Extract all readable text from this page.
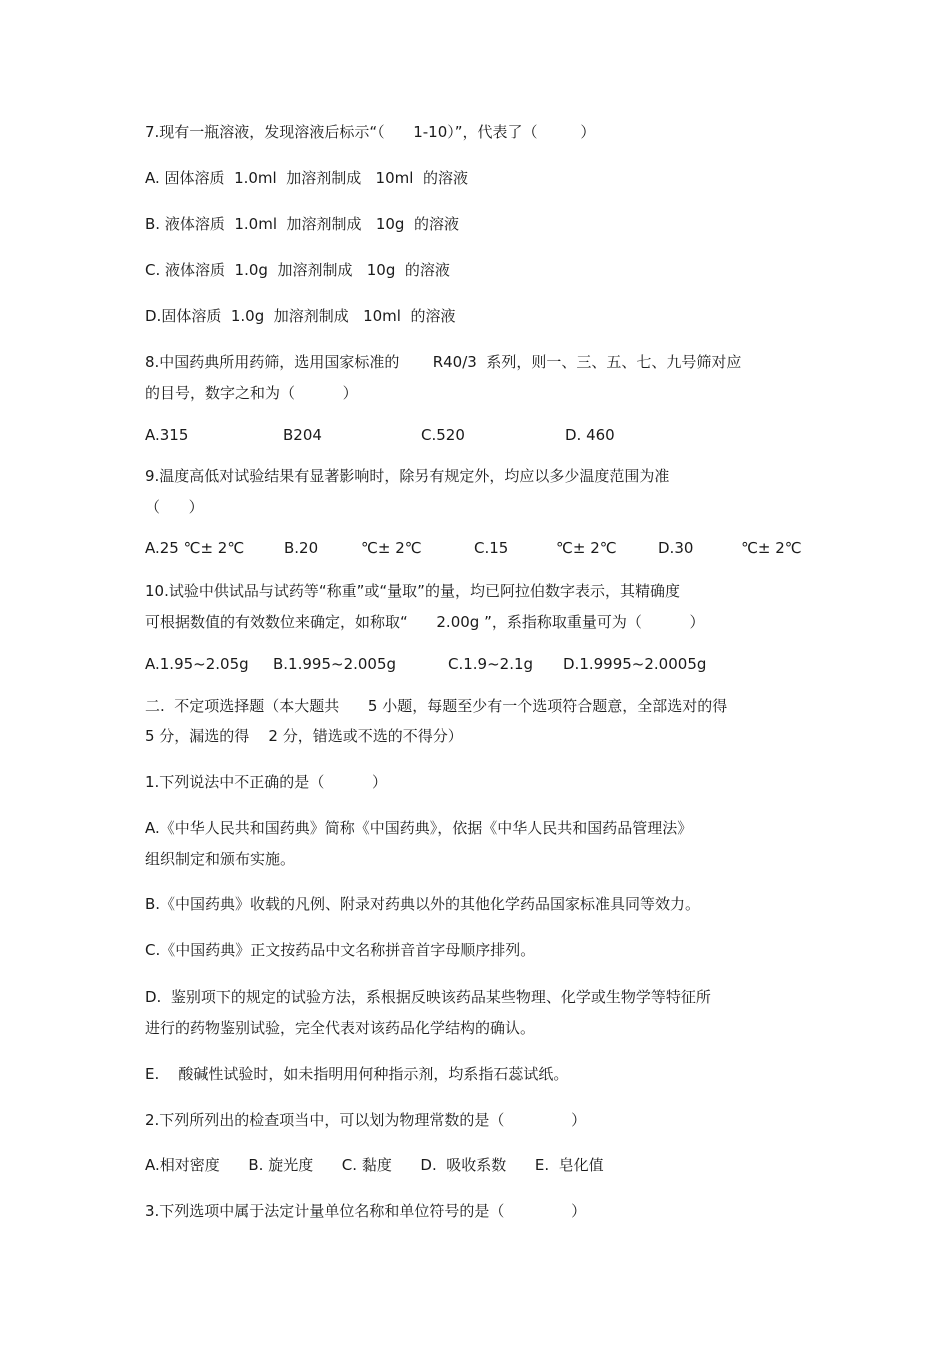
7.现有一瓶溶液，发现溶液后标示“（      1-10）”，代表了（         ）

A. 固体溶质  1.0ml  加溶剂制成   10ml  的溶液

B. 液体溶质  1.0ml  加溶剂制成   10g  的溶液

C. 液体溶质  1.0g  加溶剂制成   10g  的溶液

D.固体溶质  1.0g  加溶剂制成   10ml  的溶液

8.中国药典所用药筛，选用国家标准的       R40/3  系列，则一、三、五、七、九号筛对应

的目号，数字之和为（          ）

A.315	B204	C.520	D. 460

9.温度高低对试验结果有显著影响时，除另有规定外，均应以多少温度范围为准

（      ）

A.25 ℃± 2℃	B.20         ℃± 2℃	C.15          ℃± 2℃	D.30          ℃± 2℃

10.试验中供试品与试药等“称重”或“量取”的量，均已阿拉伯数字表示，其精确度

可根据数值的有效数位来确定，如称取“      2.00g ”，系指称取重量可为（          ）

A.1.95~2.05g B.1.995~2.005g	C.1.9~2.1g D.1.9995~2.0005g

二.  不定项选择题（本大题共      5 小题，每题至少有一个选项符合题意，全部选对的得

5 分，漏选的得    2 分，错选或不选的不得分）

1.下列说法中不正确的是（          ）

A.《中华人民共和国药典》简称《中国药典》，依据《中华人民共和国药品管理法》

组织制定和颁布实施。

B.《中国药典》收载的凡例、附录对药典以外的其他化学药品国家标准具同等效力。

C.《中国药典》正文按药品中文名称拼音首字母顺序排列。

D.  鉴别项下的规定的试验方法，系根据反映该药品某些物理、化学或生物学等特征所

进行的药物鉴别试验，完全代表对该药品化学结构的确认。

E.    酸碱性试验时，如未指明用何种指示剂，均系指石蕊试纸。

2.下列所列出的检查项当中，可以划为物理常数的是（              ）

A.相对密度      B. 旋光度      C. 黏度      D.  吸收系数      E.  皂化值

3.下列选项中属于法定计量单位名称和单位符号的是（              ）
